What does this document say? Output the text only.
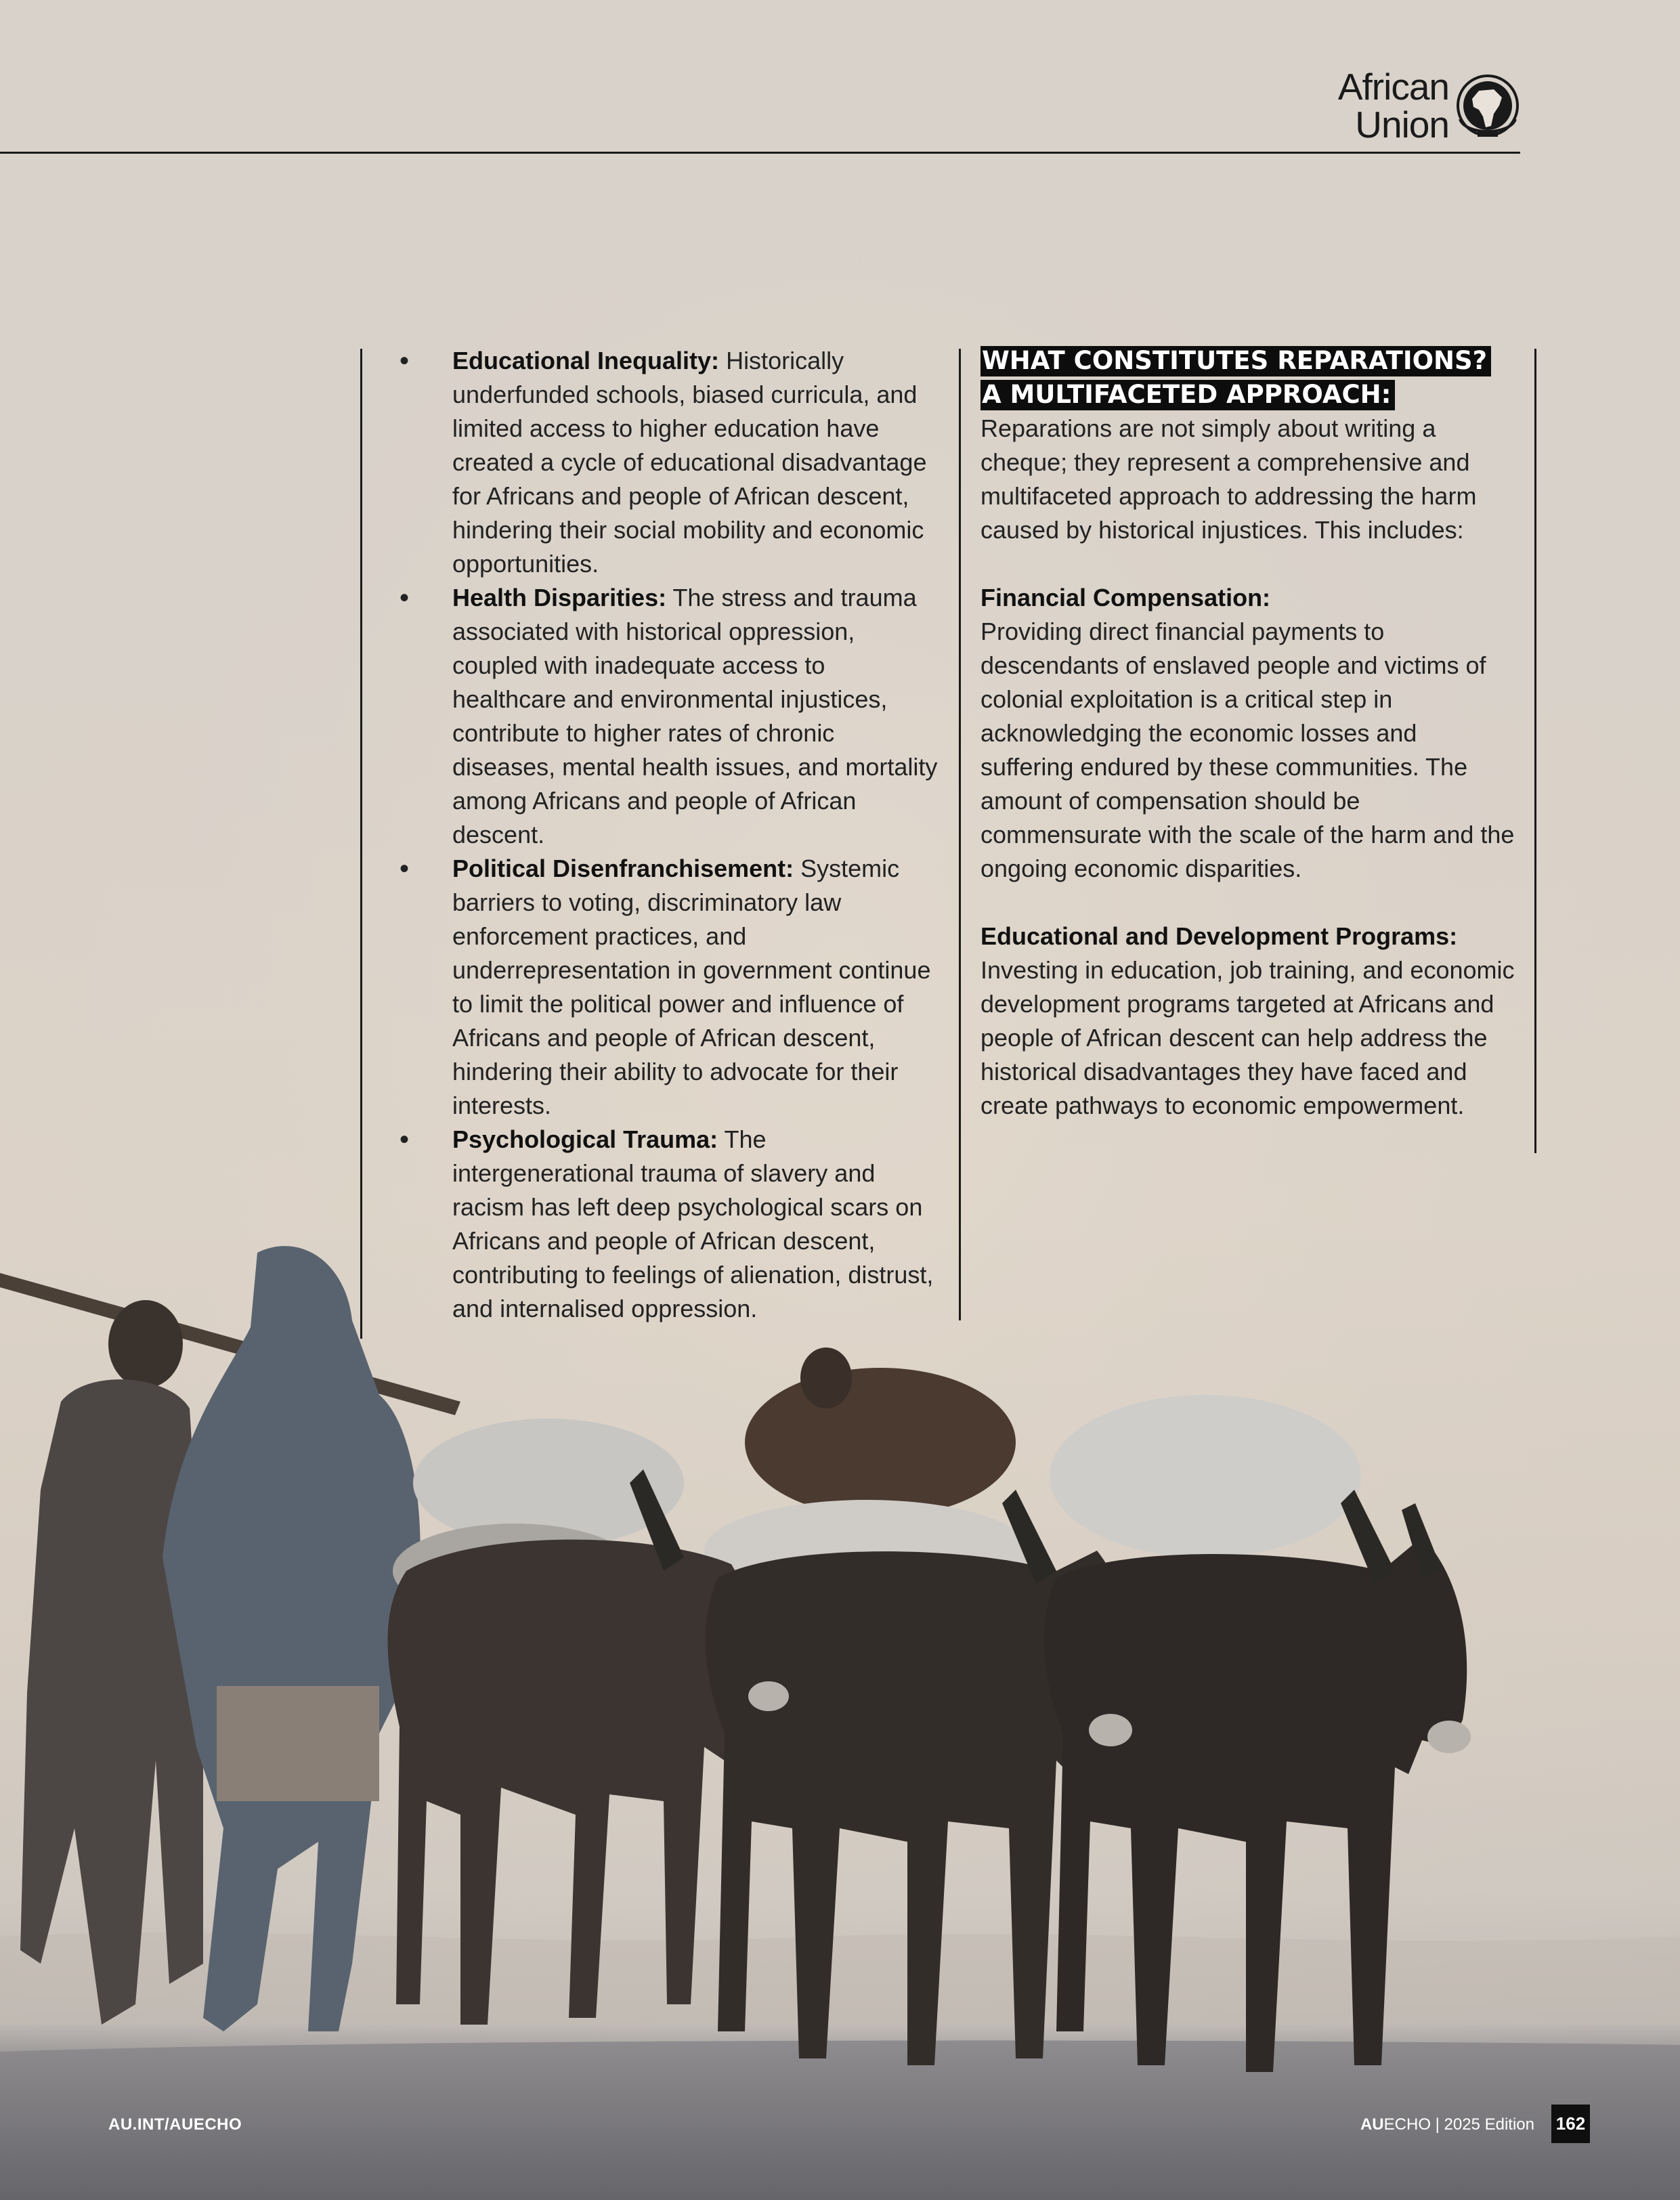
African
Union
• Educational Inequality: Historically underfunded schools, biased curricula, and limited access to higher education have created a cycle of educational disadvantage for Africans and people of African descent, hindering their social mobility and economic opportunities.
• Health Disparities: The stress and trauma associated with historical oppression, coupled with inadequate access to healthcare and environmental injustices, contribute to higher rates of chronic diseases, mental health issues, and mortality among Africans and people of African descent.
• Political Disenfranchisement: Systemic barriers to voting, discriminatory law enforcement practices, and underrepresentation in government continue to limit the political power and influence of Africans and people of African descent, hindering their ability to advocate for their interests.
• Psychological Trauma: The intergenerational trauma of slavery and racism has left deep psychological scars on Africans and people of African descent, contributing to feelings of alienation, distrust, and internalised oppression.
WHAT CONSTITUTES REPARATIONS?
A MULTIFACETED APPROACH:

Reparations are not simply about writing a cheque; they represent a comprehensive and multifaceted approach to addressing the harm caused by historical injustices. This includes:

Financial Compensation:

Providing direct financial payments to descendants of enslaved people and victims of colonial exploitation is a critical step in acknowledging the economic losses and suffering endured by these communities. The amount of compensation should be commensurate with the scale of the harm and the ongoing economic disparities.

Educational and Development Programs:

Investing in education, job training, and economic development programs targeted at Africans and people of African descent can help address the historical disadvantages they have faced and create pathways to economic empowerment.

AU.INT/AUECHO	AUECHO | 2025 Edition 162
